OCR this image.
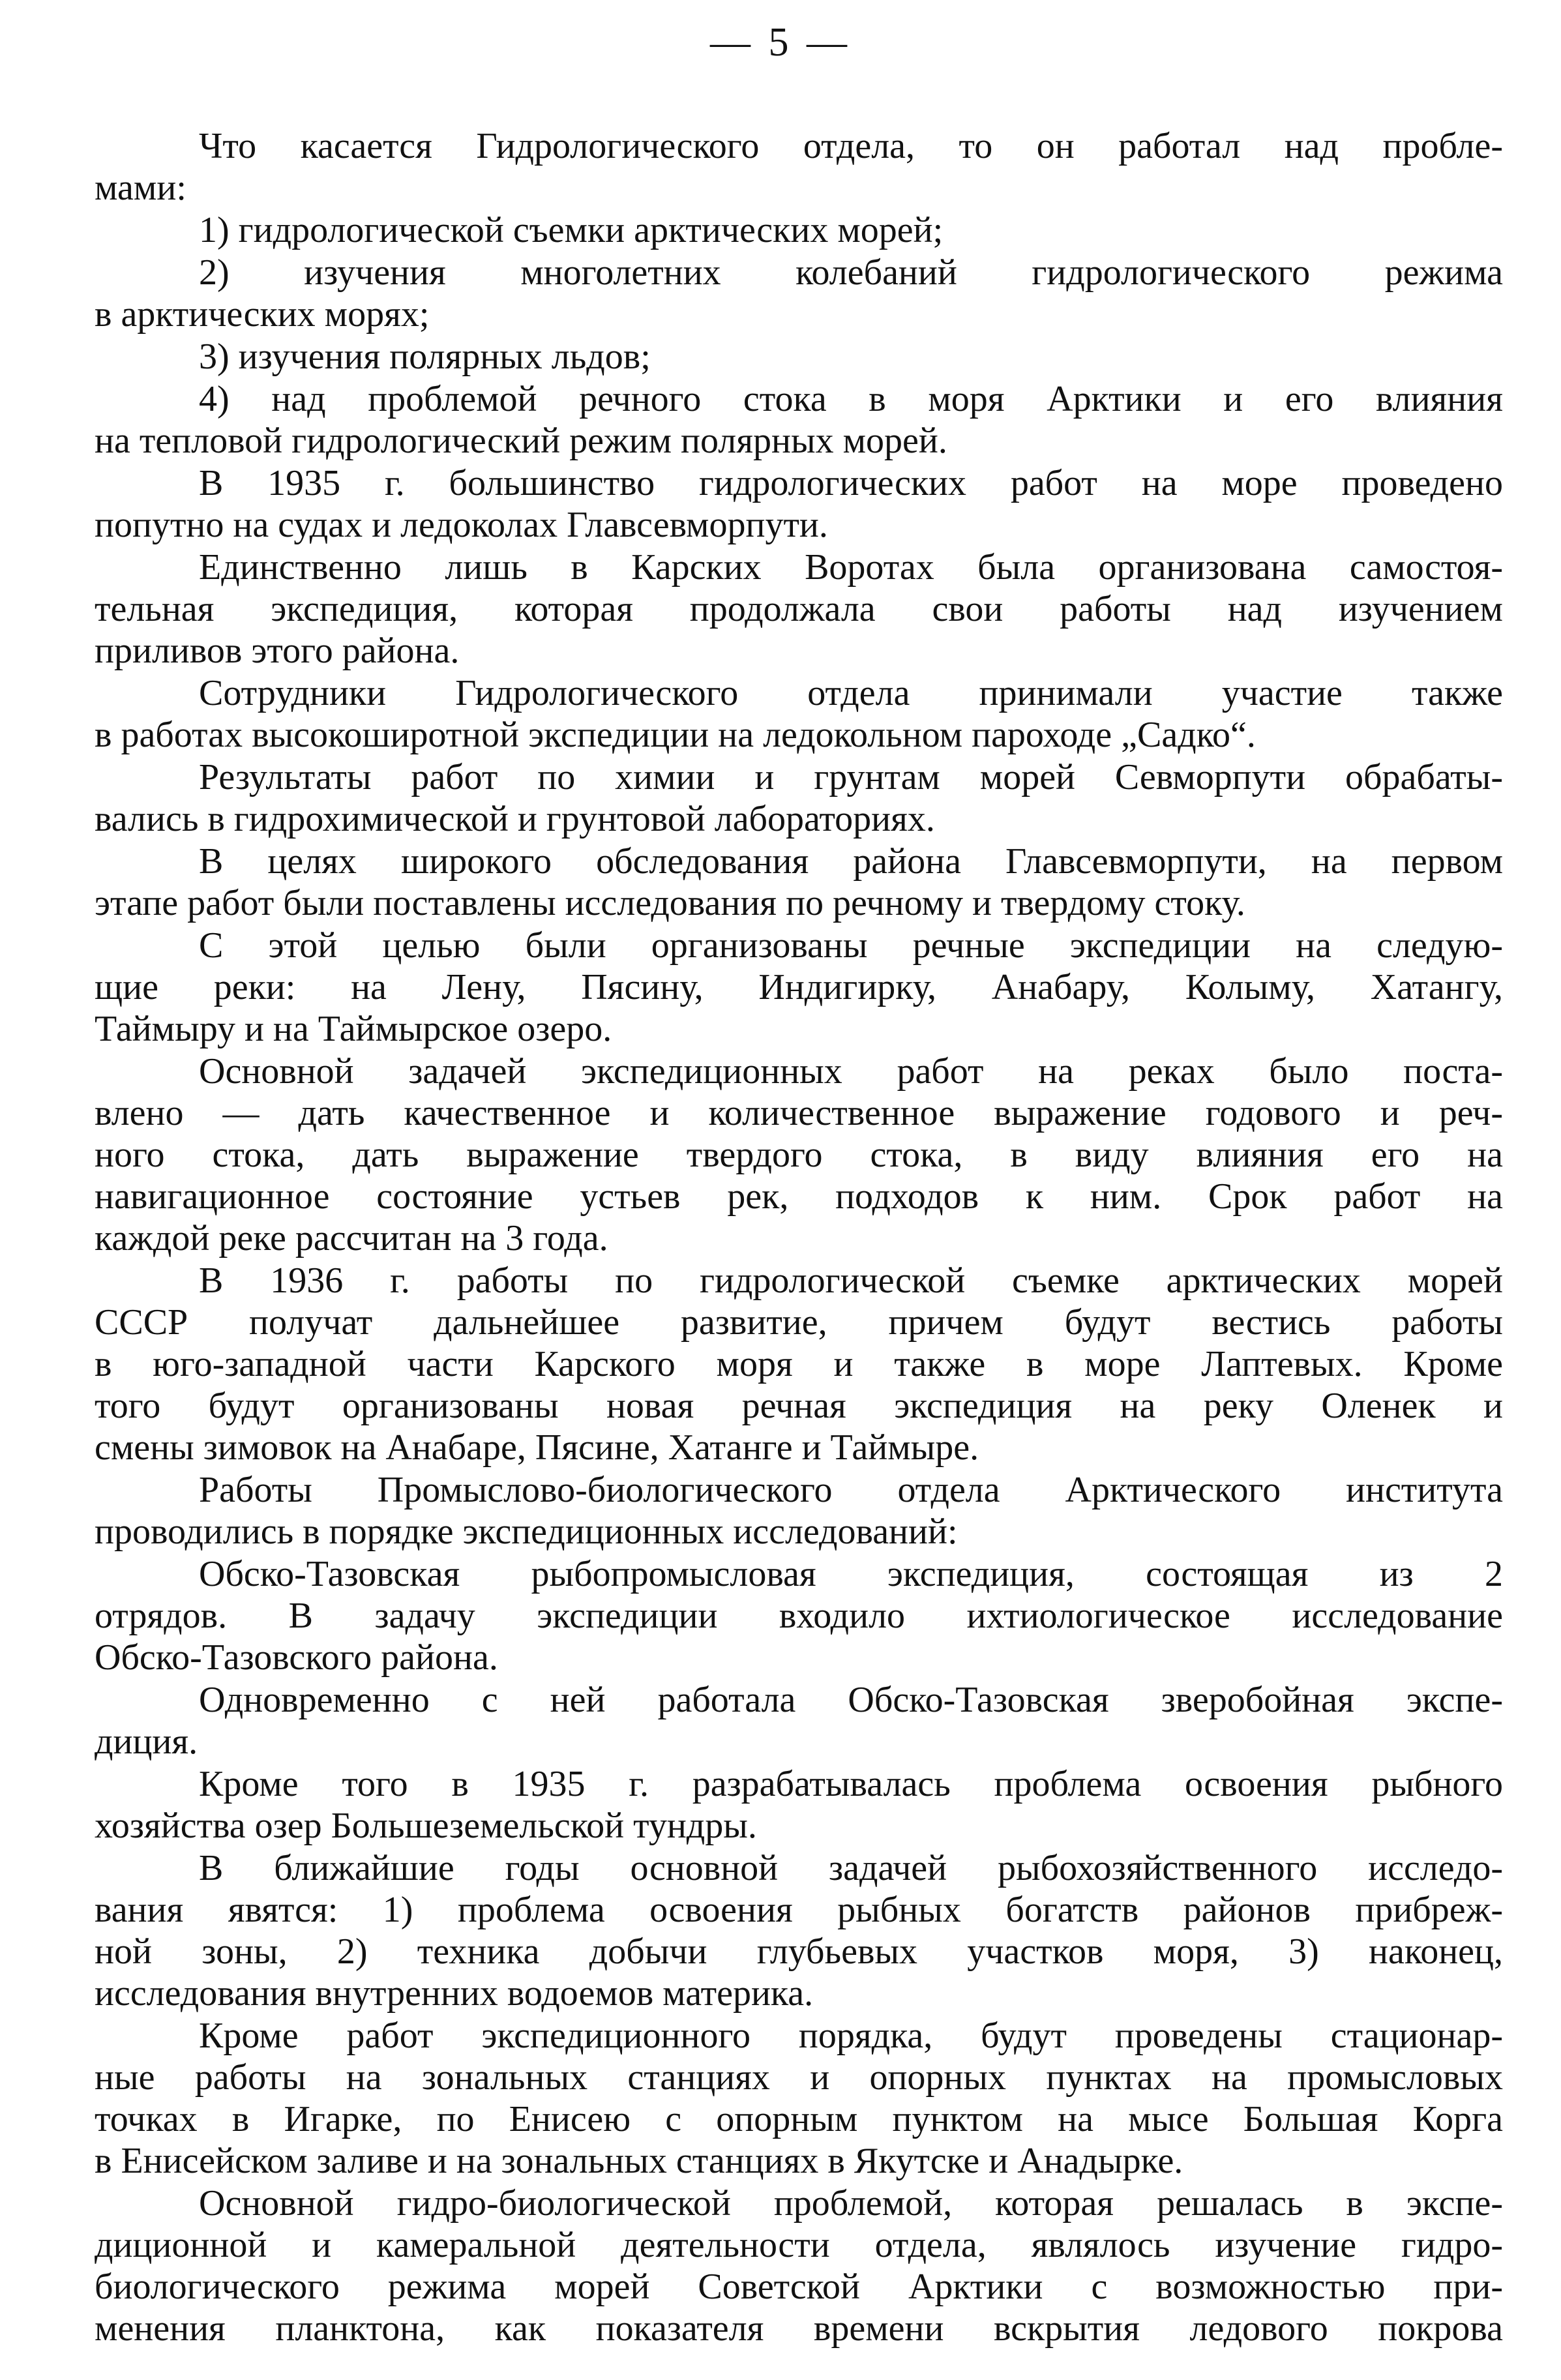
— 5 —
Что касается Гидрологического отдела, то он работал над пробле-
мами:
1) гидрологической съемки арктических морей;
2) изучения многолетних колебаний гидрологического режима
в арктических морях;
3) изучения полярных льдов;
4) над проблемой речного стока в моря Арктики и его влияния
на тепловой гидрологический режим полярных морей.
В 1935 г. большинство гидрологических работ на море проведено
попутно на судах и ледоколах Главсевморпути.
Единственно лишь в Карских Воротах была организована самостоя-
тельная экспедиция, которая продолжала свои работы над изучением
приливов этого района.
Сотрудники Гидрологического отдела принимали участие также
в работах высокоширотной экспедиции на ледокольном пароходе „Садко“.
Результаты работ по химии и грунтам морей Севморпути обрабаты-
вались в гидрохимической и грунтовой лабораториях.
В целях широкого обследования района Главсевморпути, на первом
этапе работ были поставлены исследования по речному и твердому стоку.
С этой целью были организованы речные экспедиции на следую-
щие реки: на Лену, Пясину, Индигирку, Анабару, Колыму, Хатангу,
Таймыру и на Таймырское озеро.
Основной задачей экспедиционных работ на реках было поста-
влено — дать качественное и количественное выражение годового и реч-
ного стока, дать выражение твердого стока, в виду влияния его на
навигационное состояние устьев рек, подходов к ним. Срок работ на
каждой реке рассчитан на 3 года.
В 1936 г. работы по гидрологической съемке арктических морей
СССР получат дальнейшее развитие, причем будут вестись работы
в юго-западной части Карского моря и также в море Лаптевых. Кроме
того будут организованы новая речная экспедиция на реку Оленек и
смены зимовок на Анабаре, Пясине, Хатанге и Таймыре.
Работы Промыслово-биологического отдела Арктического института
проводились в порядке экспедиционных исследований:
Обско-Тазовская рыбопромысловая экспедиция, состоящая из 2
отрядов. В задачу экспедиции входило ихтиологическое исследование
Обско-Тазовского района.
Одновременно с ней работала Обско-Тазовская зверобойная экспе-
диция.
Кроме того в 1935 г. разрабатывалась проблема освоения рыбного
хозяйства озер Большеземельской тундры.
В ближайшие годы основной задачей рыбохозяйственного исследо-
вания явятся: 1) проблема освоения рыбных богатств районов прибреж-
ной зоны, 2) техника добычи глубьевых участков моря, 3) наконец,
исследования внутренних водоемов материка.
Кроме работ экспедиционного порядка, будут проведены стационар-
ные работы на зональных станциях и опорных пунктах на промысловых
точках в Игарке, по Енисею с опорным пунктом на мысе Большая Корга
в Енисейском заливе и на зональных станциях в Якутске и Анадырке.
Основной гидро-биологической проблемой, которая решалась в экспе-
диционной и камеральной деятельности отдела, являлось изучение гидро-
биологического режима морей Советской Арктики с возможностью при-
менения планктона, как показателя времени вскрытия ледового покрова
